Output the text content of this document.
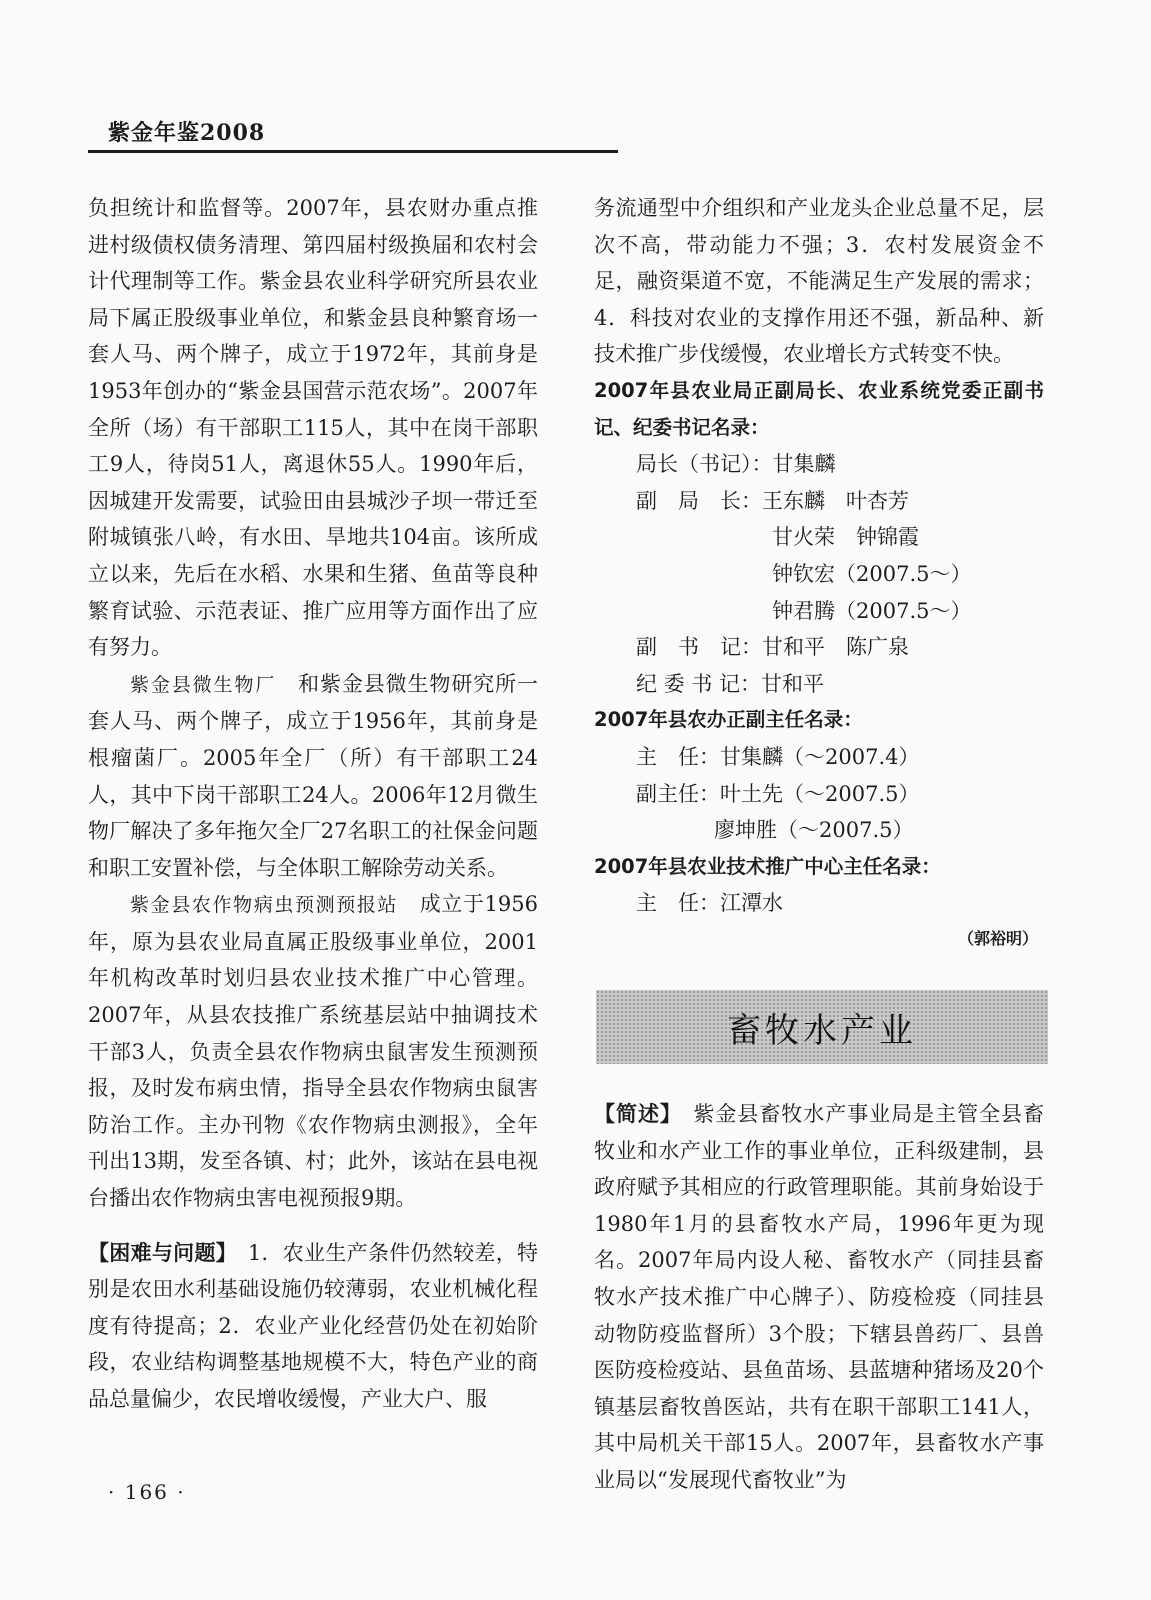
紫金年鉴2008

负担统计和监督等。2007年，县农财办重点推进村级债权债务清理、第四届村级换届和农村会计代理制等工作。紫金县农业科学研究所县农业局下属正股级事业单位，和紫金县良种繁育场一套人马、两个牌子，成立于1972年，其前身是1953年创办的“紫金县国营示范农场”。2007年全所（场）有干部职工115人，其中在岗干部职工9人，待岗51人，离退休55人。1990年后，因城建开发需要，试验田由县城沙子坝一带迁至附城镇张八岭，有水田、旱地共104亩。该所成立以来，先后在水稻、水果和生猪、鱼苗等良种繁育试验、示范表证、推广应用等方面作出了应有努力。

紫金县微生物厂　 和紫金县微生物研究所一套人马、两个牌子，成立于1956年，其前身是根瘤菌厂。2005年全厂（所）有干部职工24人，其中下岗干部职工24人。2006年12月微生物厂解决了多年拖欠全厂27名职工的社保金问题和职工安置补偿，与全体职工解除劳动关系。

紫金县农作物病虫预测预报站　 成立于1956年，原为县农业局直属正股级事业单位，2001年机构改革时划归县农业技术推广中心管理。2007年，从县农技推广系统基层站中抽调技术干部3人，负责全县农作物病虫鼠害发生预测预报，及时发布病虫情，指导全县农作物病虫鼠害防治工作。主办刊物《农作物病虫测报》，全年刊出13期，发至各镇、村；此外，该站在县电视台播出农作物病虫害电视预报9期。

【困难与问题】　 1．农业生产条件仍然较差，特别是农田水利基础设施仍较薄弱，农业机械化程度有待提高；2．农业产业化经营仍处在初始阶段，农业结构调整基地规模不大，特色产业的商品总量偏少，农民增收缓慢，产业大户、服

务流通型中介组织和产业龙头企业总量不足，层次不高，带动能力不强；3．农村发展资金不足，融资渠道不宽，不能满足生产发展的需求；4．科技对农业的支撑作用还不强，新品种、新技术推广步伐缓慢，农业增长方式转变不快。

2007年县农业局正副局长、农业系统党委正副书记、纪委书记名录：

局长（书记）：甘集麟

副　局　长：王东麟　叶杏芳

甘火荣　钟锦霞

钟钦宏（2007.5～）

钟君腾（2007.5～）

副　书　记：甘和平　陈广泉

纪 委 书 记：甘和平

2007年县农办正副主任名录：

主　任：甘集麟（～2007.4）

副主任：叶土先（～2007.5）

廖坤胜（～2007.5）

2007年县农业技术推广中心主任名录：

主　任：江潭水

（郭裕明）

畜牧水产业

【简述】　 紫金县畜牧水产事业局是主管全县畜牧业和水产业工作的事业单位，正科级建制，县政府赋予其相应的行政管理职能。其前身始设于1980年1月的县畜牧水产局，1996年更为现名。2007年局内设人秘、畜牧水产（同挂县畜牧水产技术推广中心牌子）、防疫检疫（同挂县动物防疫监督所）3个股；下辖县兽药厂、县兽医防疫检疫站、县鱼苗场、县蓝塘种猪场及20个镇基层畜牧兽医站，共有在职干部职工141人，其中局机关干部15人。2007年，县畜牧水产事业局以“发展现代畜牧业”为

· 166 ·
